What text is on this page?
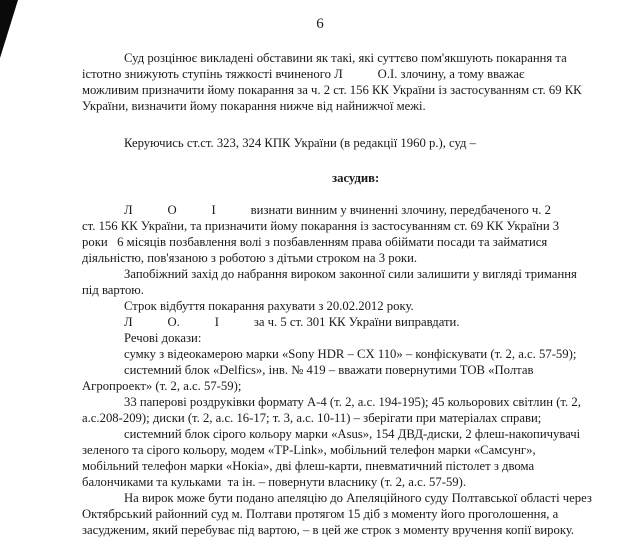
6
Суд розцінює викладені обставини як такі, які суттєво пом'якшують покарання та
істотно знижують ступінь тяжкості вчиненого Л           О.І. злочину, а тому вважає
можливим призначити йому покарання за ч. 2 ст. 156 КК України із застосуванням ст. 69 КК
України, визначити йому покарання нижче від найнижчої межі.
Керуючись ст.ст. 323, 324 КПК України (в редакції 1960 р.), суд –
засудив:
Л           О           І           визнати винним у вчиненні злочину, передбаченого ч. 2
ст. 156 КК України, та призначити йому покарання із застосуванням ст. 69 КК України 3
роки   6 місяців позбавлення волі з позбавленням права обіймати посади та займатися
діяльністю, пов'язаною з роботою з дітьми строком на 3 роки.
Запобіжний захід до набрання вироком законної сили залишити у вигляді тримання
під вартою.
Строк відбуття покарання рахувати з 20.02.2012 року.
Л           О.           І           за ч. 5 ст. 301 КК України виправдати.
Речові докази:
сумку з відеокамерою марки «Sony HDR – CX 110» – конфіскувати (т. 2, а.с. 57-59);
системний блок «Delfics», інв. № 419 – вважати повернутими ТОВ «Полтав
Агропроект» (т. 2, а.с. 57-59);
33 паперові роздруківки формату А-4 (т. 2, а.с. 194-195); 45 кольорових світлин (т. 2,
а.с.208-209); диски (т. 2, а.с. 16-17; т. 3, а.с. 10-11) – зберігати при матеріалах справи;
системний блок сірого кольору марки «Asus», 154 ДВД-диски, 2 флеш-накопичувачі
зеленого та сірого кольору, модем «TP-Link», мобільний телефон марки «Самсунг»,
мобільний телефон марки «Нокіа», дві флеш-карти, пневматичний пістолет з двома
балончиками та кульками  та ін. – повернути власнику (т. 2, а.с. 57-59).
На вирок може бути подано апеляцію до Апеляційного суду Полтавської області через
Октябрський районний суд м. Полтави протягом 15 діб з моменту його проголошення, а
засудженим, який перебуває під вартою, – в цей же строк з моменту вручення копії вироку.
